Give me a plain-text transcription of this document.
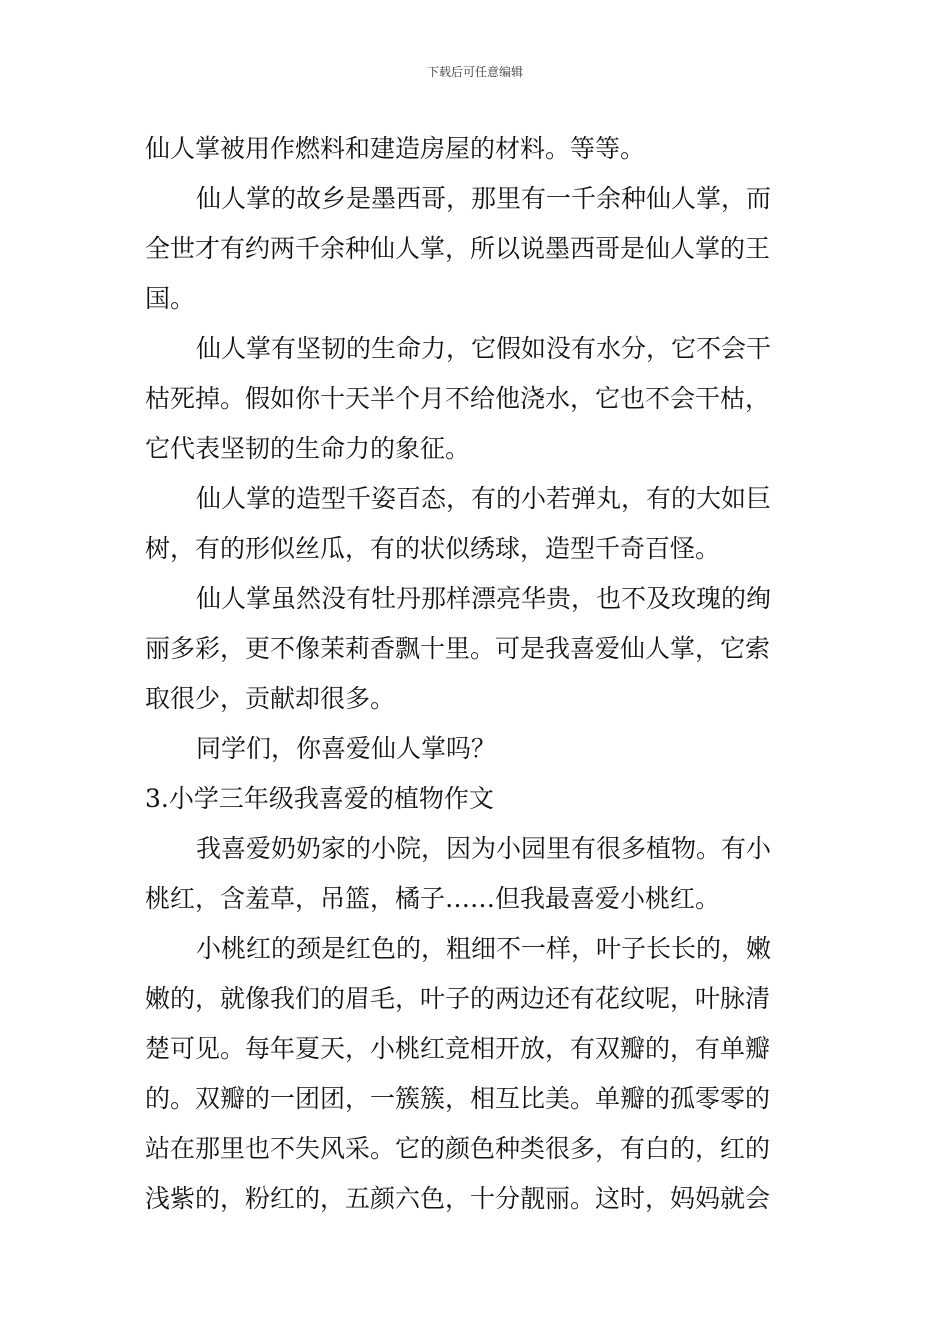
下载后可任意编辑
仙人掌被用作燃料和建造房屋的材料。等等。
仙人掌的故乡是墨西哥，那里有一千余种仙人掌，而
全世才有约两千余种仙人掌，所以说墨西哥是仙人掌的王
国。
仙人掌有坚韧的生命力，它假如没有水分，它不会干
枯死掉。假如你十天半个月不给他浇水，它也不会干枯，
它代表坚韧的生命力的象征。
仙人掌的造型千姿百态，有的小若弹丸，有的大如巨
树，有的形似丝瓜，有的状似绣球，造型千奇百怪。
仙人掌虽然没有牡丹那样漂亮华贵，也不及玫瑰的绚
丽多彩，更不像茉莉香飘十里。可是我喜爱仙人掌，它索
取很少，贡献却很多。
同学们，你喜爱仙人掌吗？
3.小学三年级我喜爱的植物作文
我喜爱奶奶家的小院，因为小园里有很多植物。有小
桃红，含羞草，吊篮，橘子……但我最喜爱小桃红。
小桃红的颈是红色的，粗细不一样，叶子长长的，嫩
嫩的，就像我们的眉毛，叶子的两边还有花纹呢，叶脉清
楚可见。每年夏天，小桃红竞相开放，有双瓣的，有单瓣
的。双瓣的一团团，一簇簇，相互比美。单瓣的孤零零的
站在那里也不失风采。它的颜色种类很多，有白的，红的
浅紫的，粉红的，五颜六色，十分靓丽。这时，妈妈就会
